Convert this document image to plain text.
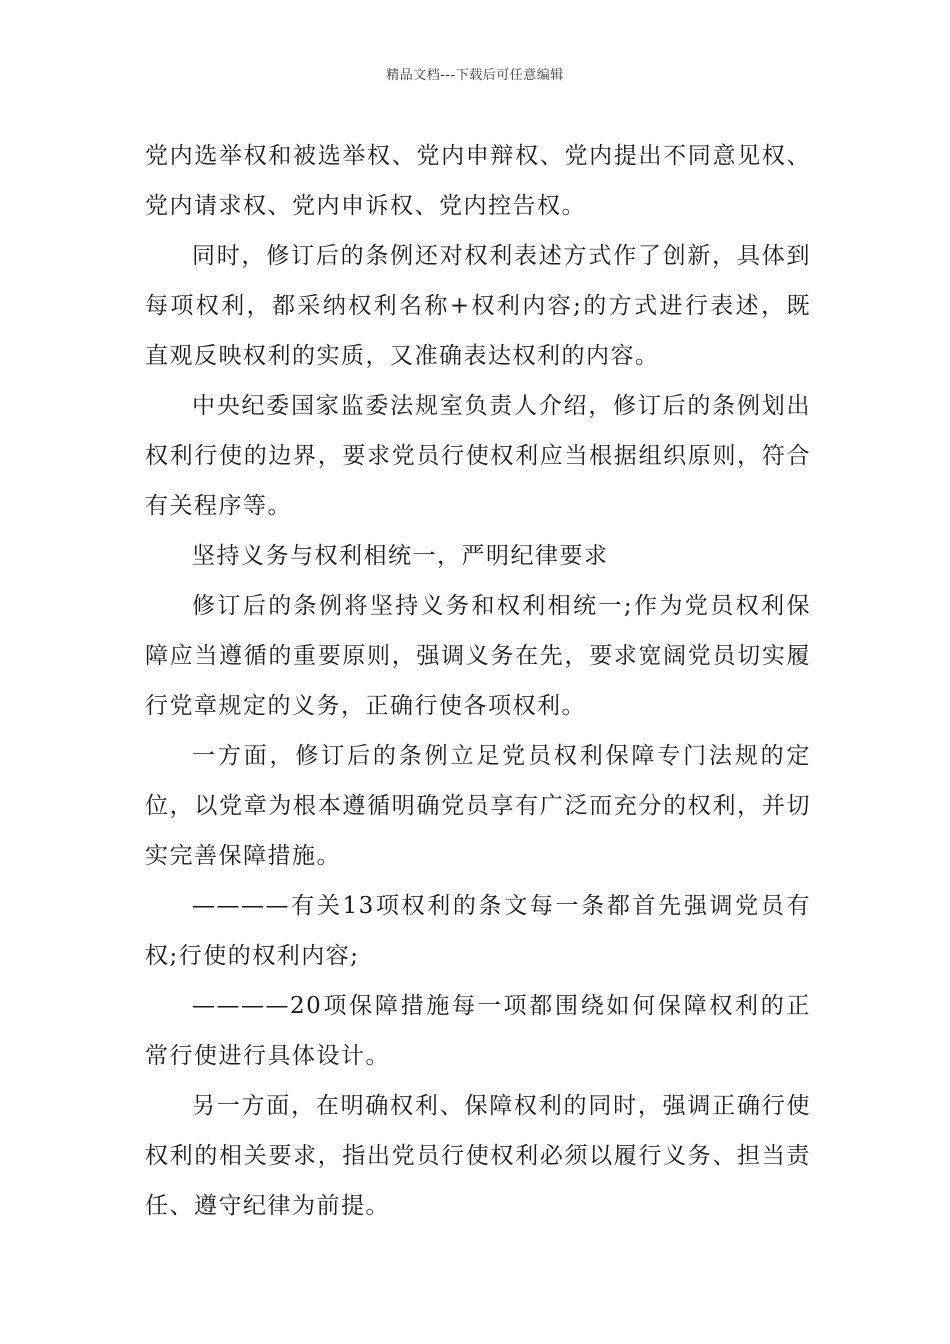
精品文档---下载后可任意编辑

党内选举权和被选举权、党内申辩权、党内提出不同意见权、党内请求权、党内申诉权、党内控告权。

同时，修订后的条例还对权利表述方式作了创新，具体到每项权利，都采纳权利名称+权利内容;的方式进行表述，既直观反映权利的实质，又准确表达权利的内容。

中央纪委国家监委法规室负责人介绍，修订后的条例划出权利行使的边界，要求党员行使权利应当根据组织原则，符合有关程序等。

坚持义务与权利相统一，严明纪律要求

修订后的条例将坚持义务和权利相统一;作为党员权利保障应当遵循的重要原则，强调义务在先，要求宽阔党员切实履行党章规定的义务，正确行使各项权利。

一方面，修订后的条例立足党员权利保障专门法规的定位，以党章为根本遵循明确党员享有广泛而充分的权利，并切实完善保障措施。

————有关13项权利的条文每一条都首先强调党员有权;行使的权利内容;

————20项保障措施每一项都围绕如何保障权利的正常行使进行具体设计。

另一方面，在明确权利、保障权利的同时，强调正确行使权利的相关要求，指出党员行使权利必须以履行义务、担当责任、遵守纪律为前提。
